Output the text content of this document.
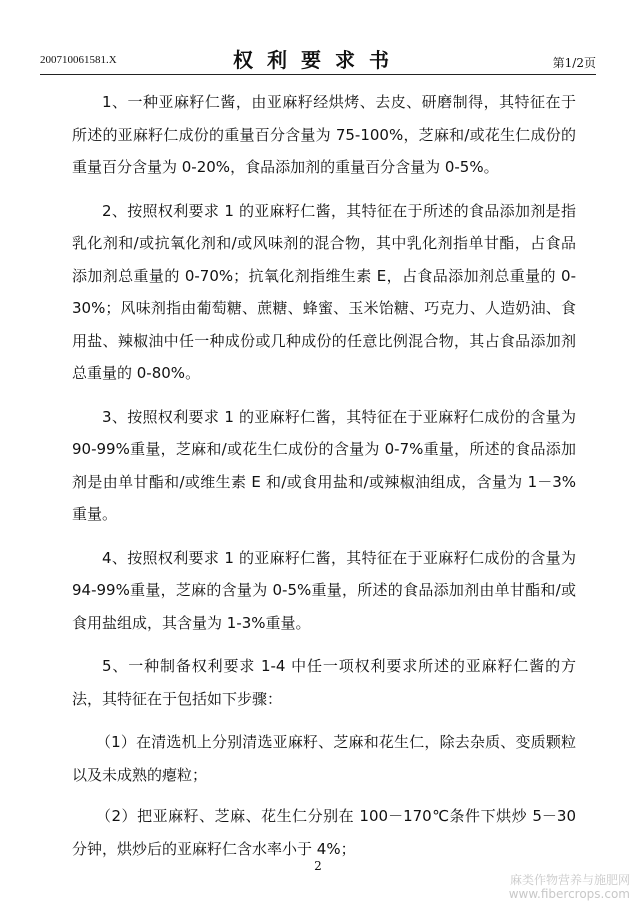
200710061581.X	权利要求书	第1/2页

1、一种亚麻籽仁酱，由亚麻籽经烘烤、去皮、研磨制得，其特征在于所述的亚麻籽仁成份的重量百分含量为 75-100%，芝麻和/或花生仁成份的重量百分含量为 0-20%，食品添加剂的重量百分含量为 0-5%。

2、按照权利要求 1 的亚麻籽仁酱，其特征在于所述的食品添加剂是指乳化剂和/或抗氧化剂和/或风味剂的混合物，其中乳化剂指单甘酯，占食品添加剂总重量的 0-70%；抗氧化剂指维生素 E，占食品添加剂总重量的 0-30%；风味剂指由葡萄糖、蔗糖、蜂蜜、玉米饴糖、巧克力、人造奶油、食用盐、辣椒油中任一种成份或几种成份的任意比例混合物，其占食品添加剂总重量的 0-80%。

3、按照权利要求 1 的亚麻籽仁酱，其特征在于亚麻籽仁成份的含量为 90-99%重量，芝麻和/或花生仁成份的含量为 0-7%重量，所述的食品添加剂是由单甘酯和/或维生素 E 和/或食用盐和/或辣椒油组成，含量为 1－3%重量。

4、按照权利要求 1 的亚麻籽仁酱，其特征在于亚麻籽仁成份的含量为 94-99%重量，芝麻的含量为 0-5%重量，所述的食品添加剂由单甘酯和/或食用盐组成，其含量为 1-3%重量。

5、一种制备权利要求 1-4 中任一项权利要求所述的亚麻籽仁酱的方法，其特征在于包括如下步骤：

（1）在清选机上分别清选亚麻籽、芝麻和花生仁，除去杂质、变质颗粒以及未成熟的瘪粒；

（2）把亚麻籽、芝麻、花生仁分别在 100－170℃条件下烘炒 5－30 分钟，烘炒后的亚麻籽仁含水率小于 4%；

2
麻类作物营养与施肥网
www.fibercrops.com
